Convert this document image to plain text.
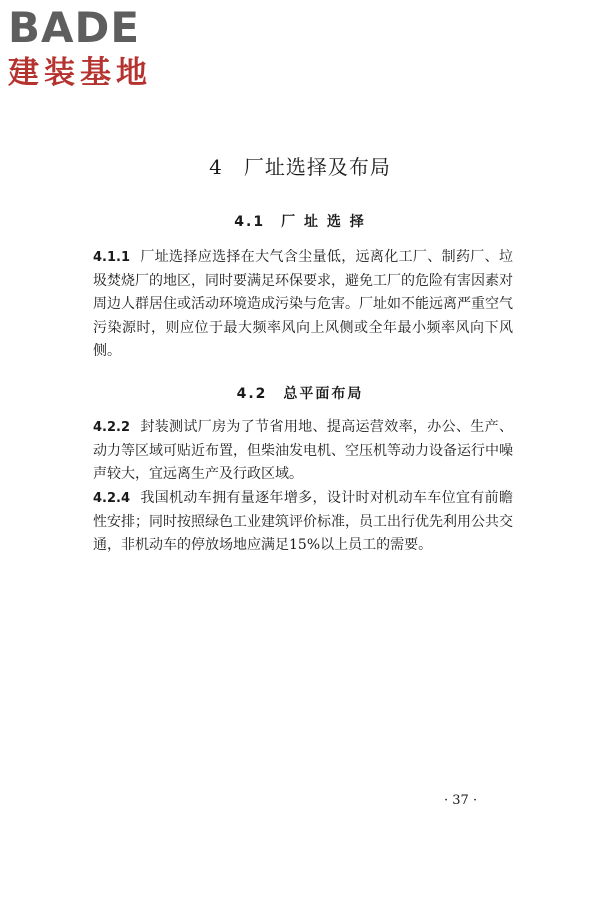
BADE
建装基地
4　厂址选择及布局
4.1　厂 址 选 择
4.1.1 厂址选择应选择在大气含尘量低，远离化工厂、制药厂、垃圾焚烧厂的地区，同时要满足环保要求，避免工厂的危险有害因素对周边人群居住或活动环境造成污染与危害。厂址如不能远离严重空气污染源时，则应位于最大频率风向上风侧或全年最小频率风向下风侧。
4.2　总平面布局
4.2.2 封装测试厂房为了节省用地、提高运营效率，办公、生产、动力等区域可贴近布置，但柴油发电机、空压机等动力设备运行中噪声较大，宜远离生产及行政区域。
4.2.4 我国机动车拥有量逐年增多，设计时对机动车车位宜有前瞻性安排；同时按照绿色工业建筑评价标准，员工出行优先利用公共交通，非机动车的停放场地应满足15%以上员工的需要。
· 37 ·
